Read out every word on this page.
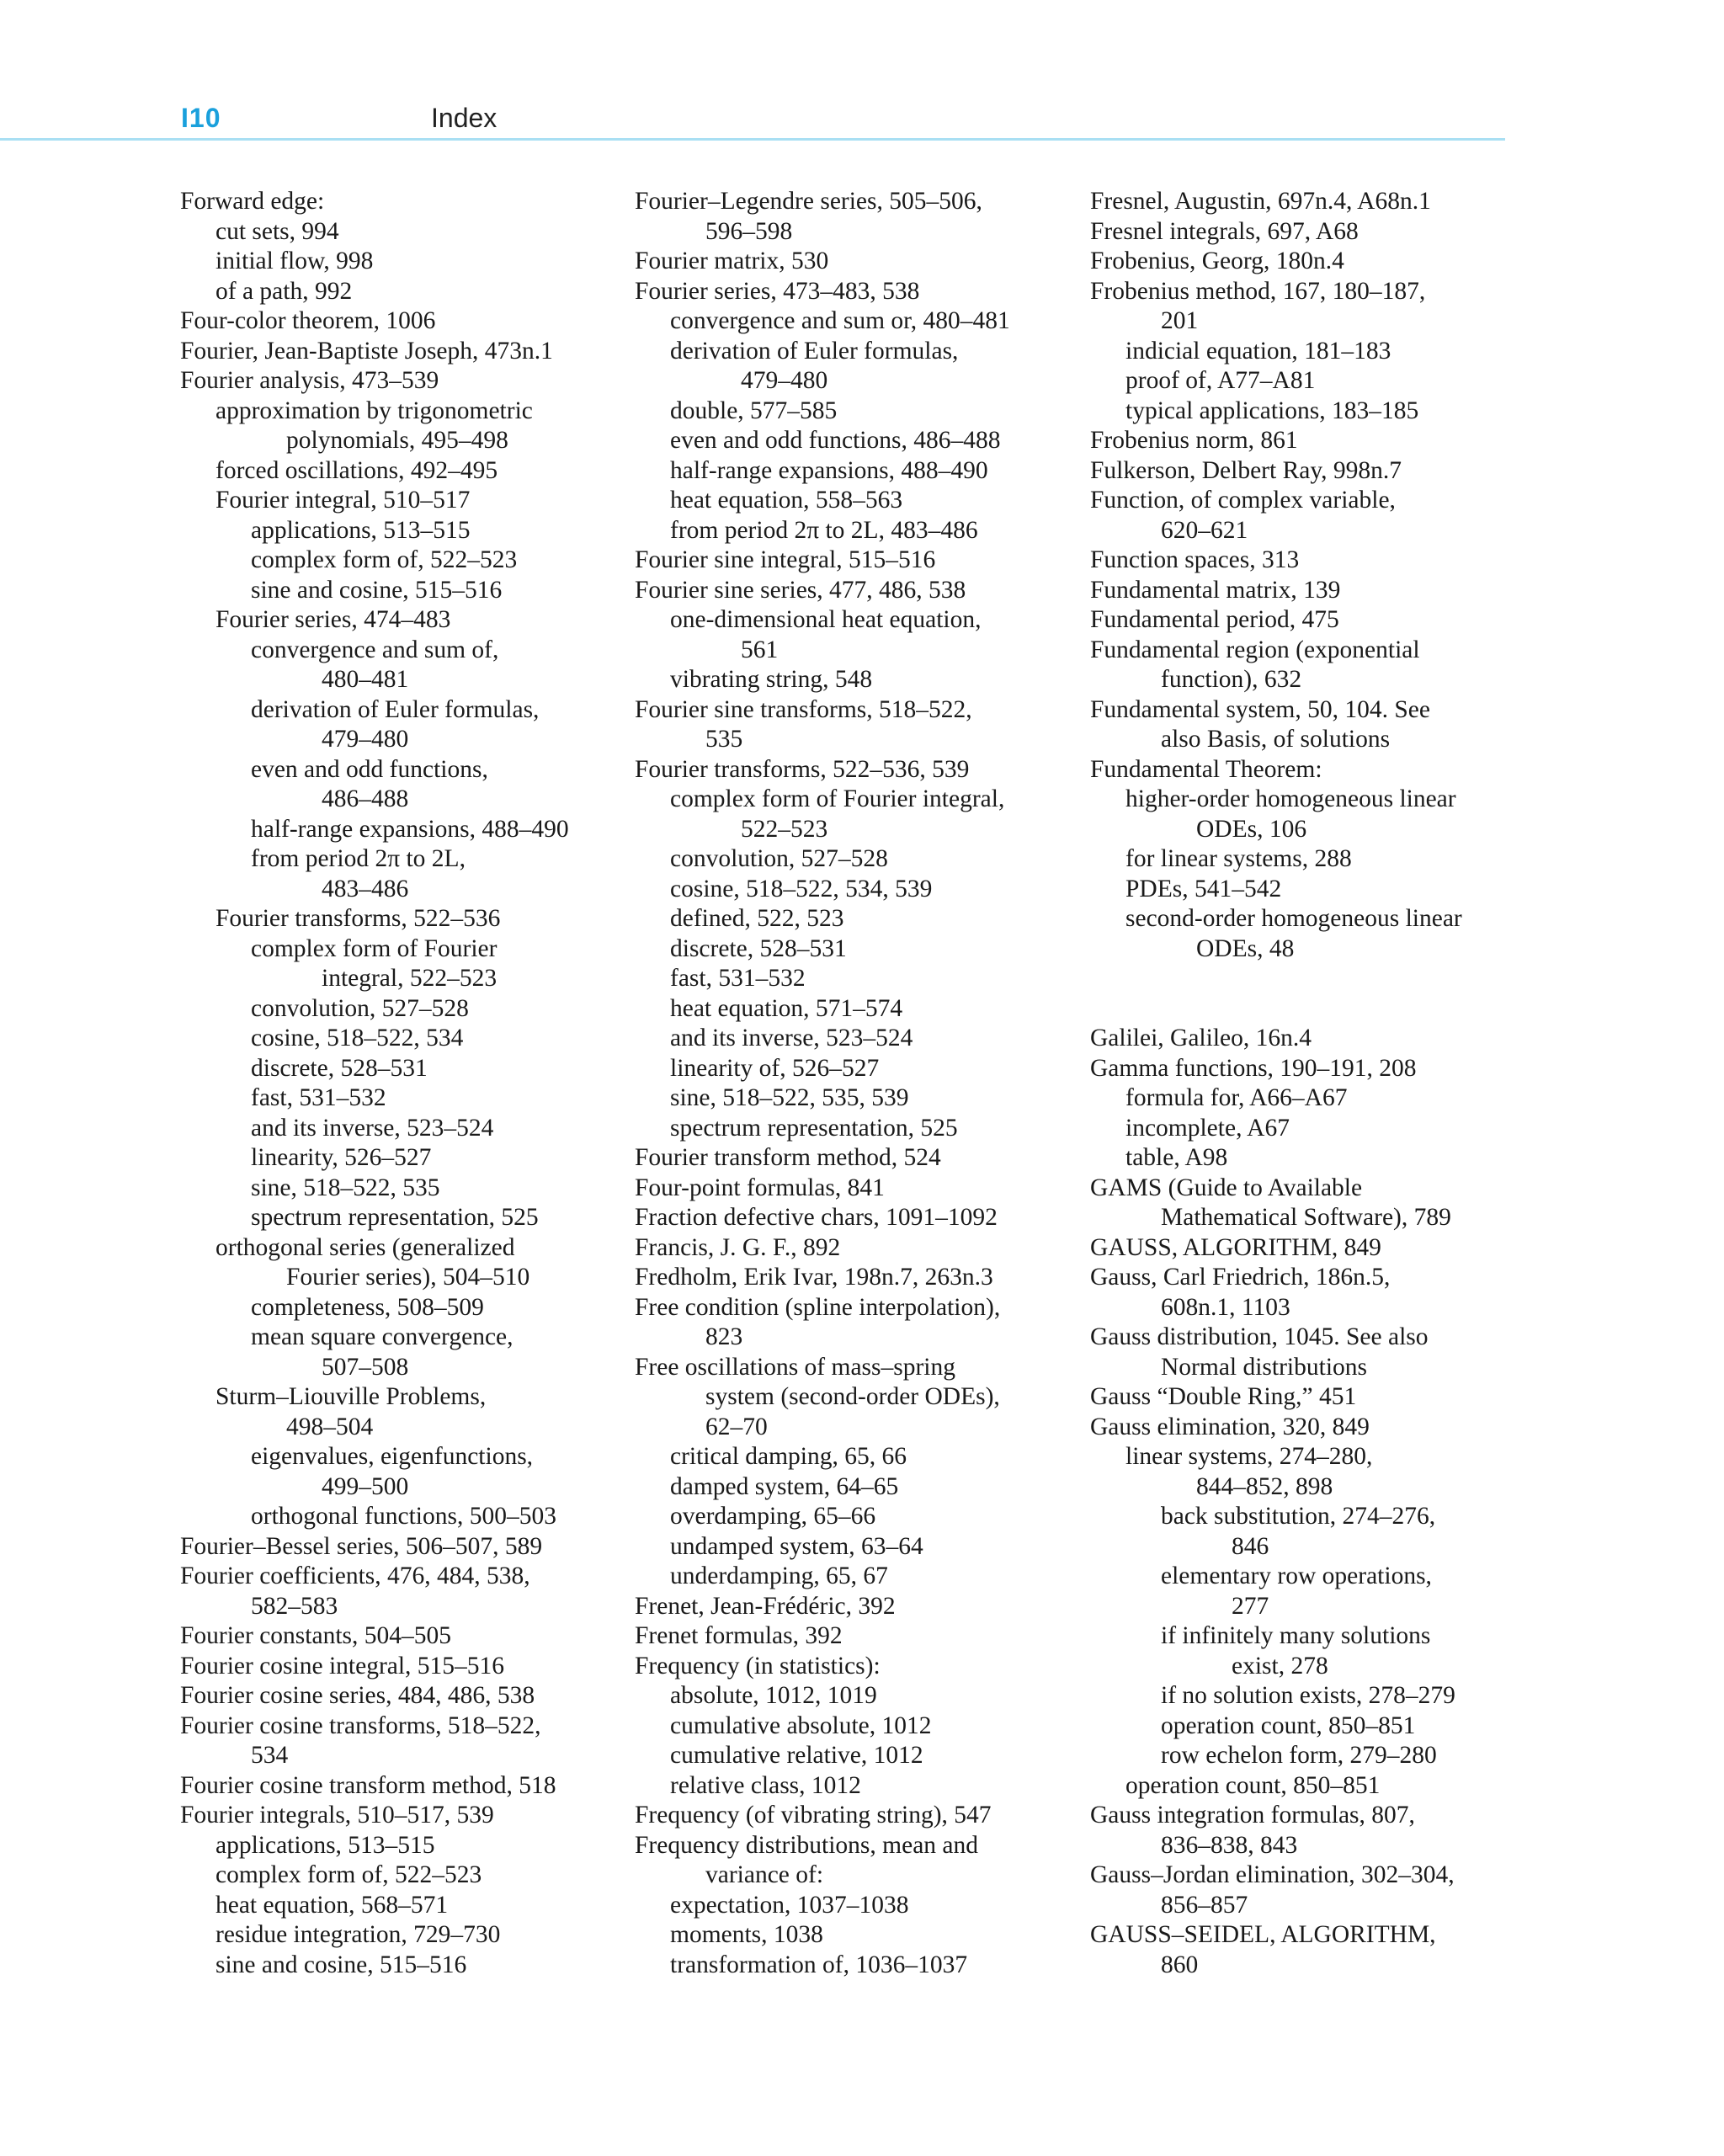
I10	Index
Forward edge:
cut sets, 994
initial flow, 998
of a path, 992
Four-color theorem, 1006
Fourier, Jean-Baptiste Joseph, 473n.1
Fourier analysis, 473–539
approximation by trigonometric
polynomials, 495–498
forced oscillations, 492–495
Fourier integral, 510–517
applications, 513–515
complex form of, 522–523
sine and cosine, 515–516
Fourier series, 474–483
convergence and sum of,
480–481
derivation of Euler formulas,
479–480
even and odd functions,
486–488
half-range expansions, 488–490
from period 2π to 2L,
483–486
Fourier transforms, 522–536
complex form of Fourier
integral, 522–523
convolution, 527–528
cosine, 518–522, 534
discrete, 528–531
fast, 531–532
and its inverse, 523–524
linearity, 526–527
sine, 518–522, 535
spectrum representation, 525
orthogonal series (generalized
Fourier series), 504–510
completeness, 508–509
mean square convergence,
507–508
Sturm–Liouville Problems,
498–504
eigenvalues, eigenfunctions,
499–500
orthogonal functions, 500–503
Fourier–Bessel series, 506–507, 589
Fourier coefficients, 476, 484, 538,
582–583
Fourier constants, 504–505
Fourier cosine integral, 515–516
Fourier cosine series, 484, 486, 538
Fourier cosine transforms, 518–522,
534
Fourier cosine transform method, 518
Fourier integrals, 510–517, 539
applications, 513–515
complex form of, 522–523
heat equation, 568–571
residue integration, 729–730
sine and cosine, 515–516
Fourier–Legendre series, 505–506,
596–598
Fourier matrix, 530
Fourier series, 473–483, 538
convergence and sum or, 480–481
derivation of Euler formulas,
479–480
double, 577–585
even and odd functions, 486–488
half-range expansions, 488–490
heat equation, 558–563
from period 2π to 2L, 483–486
Fourier sine integral, 515–516
Fourier sine series, 477, 486, 538
one-dimensional heat equation,
561
vibrating string, 548
Fourier sine transforms, 518–522,
535
Fourier transforms, 522–536, 539
complex form of Fourier integral,
522–523
convolution, 527–528
cosine, 518–522, 534, 539
defined, 522, 523
discrete, 528–531
fast, 531–532
heat equation, 571–574
and its inverse, 523–524
linearity of, 526–527
sine, 518–522, 535, 539
spectrum representation, 525
Fourier transform method, 524
Four-point formulas, 841
Fraction defective chars, 1091–1092
Francis, J. G. F., 892
Fredholm, Erik Ivar, 198n.7, 263n.3
Free condition (spline interpolation),
823
Free oscillations of mass–spring
system (second-order ODEs),
62–70
critical damping, 65, 66
damped system, 64–65
overdamping, 65–66
undamped system, 63–64
underdamping, 65, 67
Frenet, Jean-Frédéric, 392
Frenet formulas, 392
Frequency (in statistics):
absolute, 1012, 1019
cumulative absolute, 1012
cumulative relative, 1012
relative class, 1012
Frequency (of vibrating string), 547
Frequency distributions, mean and
variance of:
expectation, 1037–1038
moments, 1038
transformation of, 1036–1037
Fresnel, Augustin, 697n.4, A68n.1
Fresnel integrals, 697, A68
Frobenius, Georg, 180n.4
Frobenius method, 167, 180–187,
201
indicial equation, 181–183
proof of, A77–A81
typical applications, 183–185
Frobenius norm, 861
Fulkerson, Delbert Ray, 998n.7
Function, of complex variable,
620–621
Function spaces, 313
Fundamental matrix, 139
Fundamental period, 475
Fundamental region (exponential
function), 632
Fundamental system, 50, 104. See
also Basis, of solutions
Fundamental Theorem:
higher-order homogeneous linear
ODEs, 106
for linear systems, 288
PDEs, 541–542
second-order homogeneous linear
ODEs, 48
Galilei, Galileo, 16n.4
Gamma functions, 190–191, 208
formula for, A66–A67
incomplete, A67
table, A98
GAMS (Guide to Available
Mathematical Software), 789
GAUSS, ALGORITHM, 849
Gauss, Carl Friedrich, 186n.5,
608n.1, 1103
Gauss distribution, 1045. See also
Normal distributions
Gauss “Double Ring,” 451
Gauss elimination, 320, 849
linear systems, 274–280,
844–852, 898
back substitution, 274–276,
846
elementary row operations,
277
if infinitely many solutions
exist, 278
if no solution exists, 278–279
operation count, 850–851
row echelon form, 279–280
operation count, 850–851
Gauss integration formulas, 807,
836–838, 843
Gauss–Jordan elimination, 302–304,
856–857
GAUSS–SEIDEL, ALGORITHM,
860
